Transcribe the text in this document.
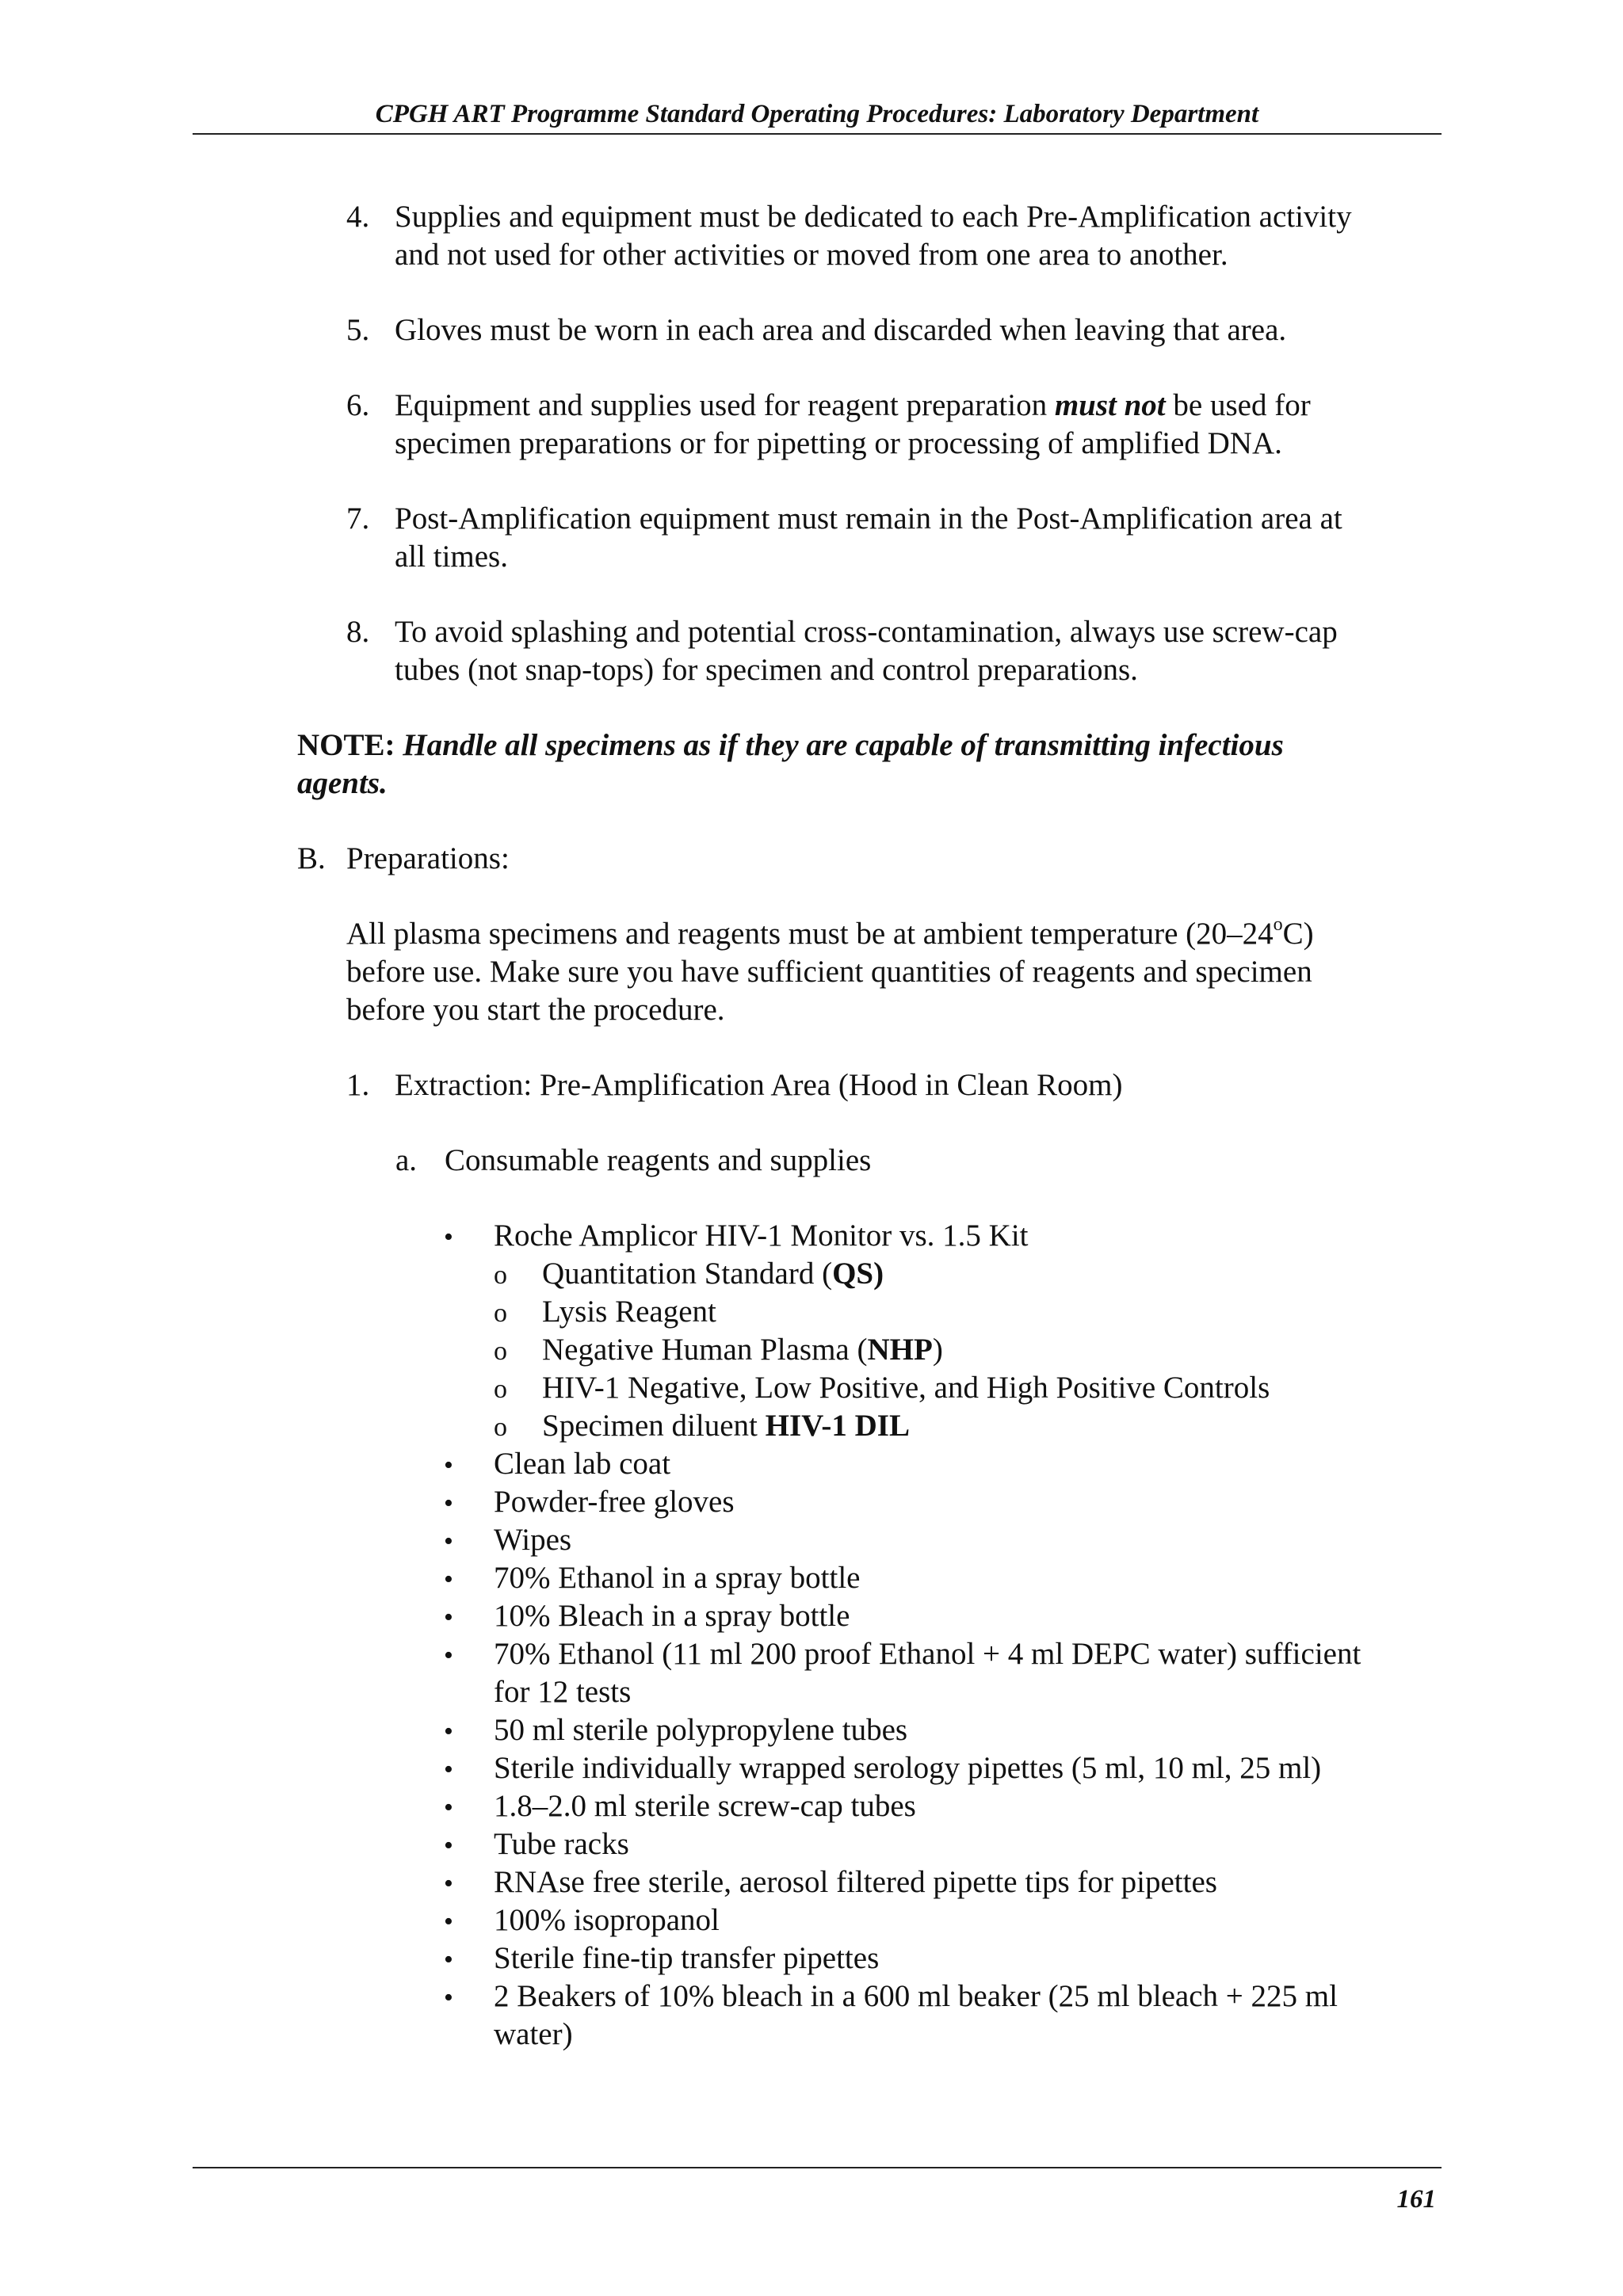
CPGH ART Programme Standard Operating Procedures: Laboratory Department
4. Supplies and equipment must be dedicated to each Pre-Amplification activity
and not used for other activities or moved from one area to another.
5. Gloves must be worn in each area and discarded when leaving that area.
6. Equipment and supplies used for reagent preparation must not be used for
specimen preparations or for pipetting or processing of amplified DNA.
7. Post-Amplification equipment must remain in the Post-Amplification area at
all times.
8. To avoid splashing and potential cross-contamination, always use screw-cap
tubes (not snap-tops) for specimen and control preparations.
NOTE: Handle all specimens as if they are capable of transmitting infectious
agents.
B. Preparations:
All plasma specimens and reagents must be at ambient temperature (20–24$^o$C)
before use. Make sure you have sufficient quantities of reagents and specimen
before you start the procedure.
1. Extraction: Pre-Amplification Area (Hood in Clean Room)
a. Consumable reagents and supplies
• Roche Amplicor HIV-1 Monitor vs. 1.5 Kit
o Quantitation Standard (QS)
o Lysis Reagent
o Negative Human Plasma (NHP)
o HIV-1 Negative, Low Positive, and High Positive Controls
o Specimen diluent HIV-1 DIL
• Clean lab coat
• Powder-free gloves
• Wipes
• 70% Ethanol in a spray bottle
• 10% Bleach in a spray bottle
• 70% Ethanol (11 ml 200 proof Ethanol + 4 ml DEPC water) sufficient
for 12 tests
• 50 ml sterile polypropylene tubes
• Sterile individually wrapped serology pipettes (5 ml, 10 ml, 25 ml)
• 1.8–2.0 ml sterile screw-cap tubes
• Tube racks
• RNAse free sterile, aerosol filtered pipette tips for pipettes
• 100% isopropanol
• Sterile fine-tip transfer pipettes
• 2 Beakers of 10% bleach in a 600 ml beaker (25 ml bleach + 225 ml
water)
161
